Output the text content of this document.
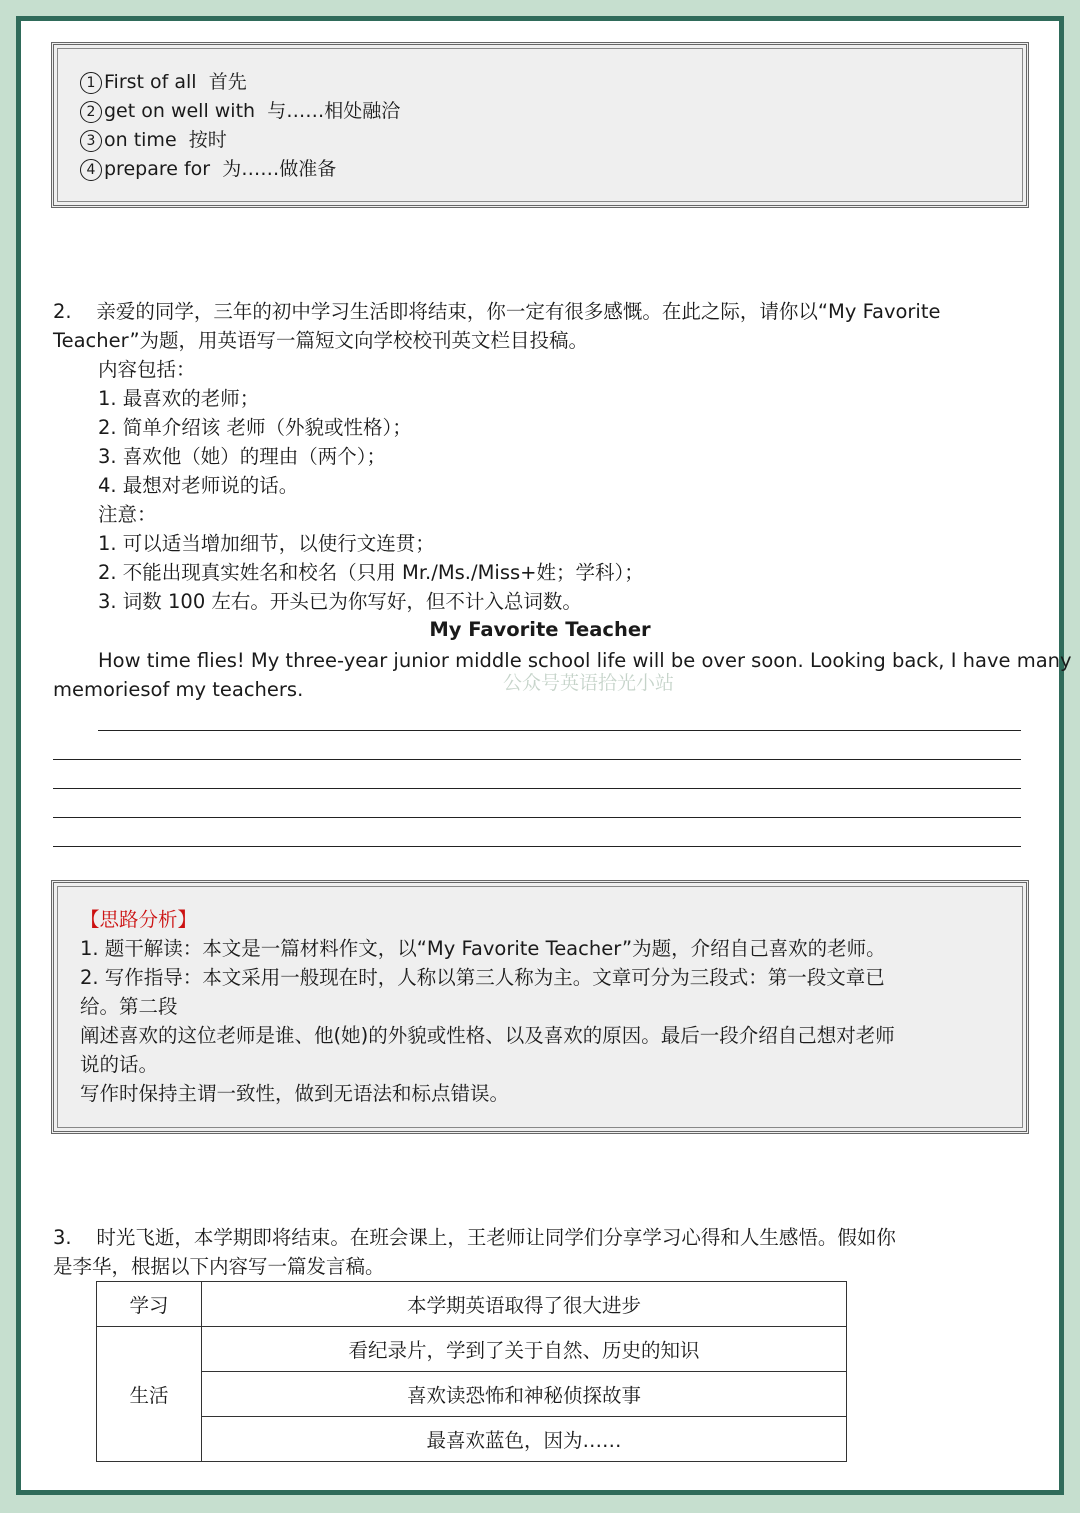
1 First of all 首先
2 get on well with 与……相处融洽
3 on time 按时
4 prepare for 为……做准备
2. 亲爱的同学，三年的初中学习生活即将结束，你一定有很多感慨。在此之际，请你以“My Favorite
Teacher”为题，用英语写一篇短文向学校校刊英文栏目投稿。
内容包括：
1. 最喜欢的老师；
2. 简单介绍该 老师（外貌或性格）；
3. 喜欢他（她）的理由（两个）；
4. 最想对老师说的话。
注意：
1. 可以适当增加细节，以使行文连贯；
2. 不能出现真实姓名和校名（只用 Mr./Ms./Miss+姓；学科）；
3. 词数 100 左右。开头已为你写好，但不计入总词数。
My Favorite Teacher
公众号英语拾光小站
How time flies! My three-year junior middle school life will be over soon. Looking back, I have many
memoriesof my teachers.
【思路分析】
1. 题干解读：本文是一篇材料作文，以“My Favorite Teacher”为题，介绍自己喜欢的老师。
2. 写作指导：本文采用一般现在时，人称以第三人称为主。文章可分为三段式：第一段文章已
给。第二段
阐述喜欢的这位老师是谁、他(她)的外貌或性格、以及喜欢的原因。最后一段介绍自己想对老师
说的话。
写作时保持主谓一致性，做到无语法和标点错误。
3. 时光飞逝，本学期即将结束。在班会课上，王老师让同学们分享学习心得和人生感悟。假如你
是李华，根据以下内容写一篇发言稿。
学习	本学期英语取得了很大进步
生活	看纪录片，学到了关于自然、历史的知识
	喜欢读恐怖和神秘侦探故事
	最喜欢蓝色，因为……
